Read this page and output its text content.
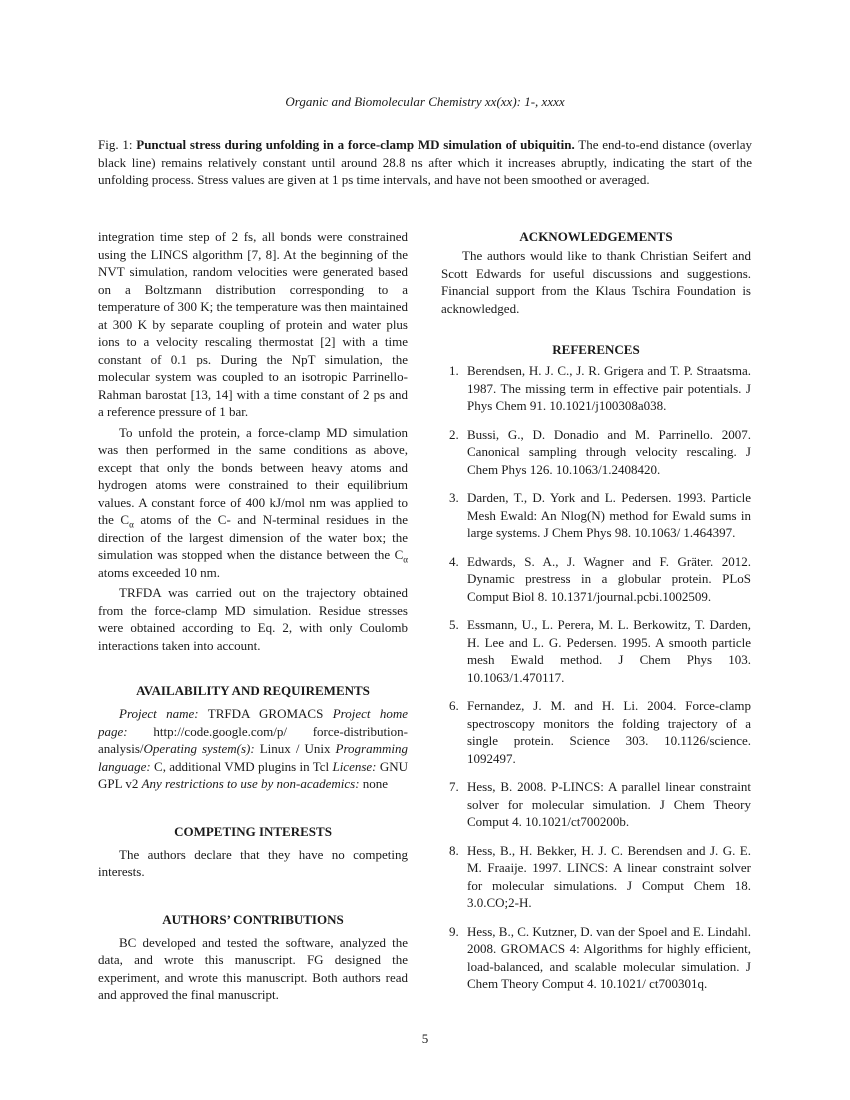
Organic and Biomolecular Chemistry xx(xx): 1-, xxxx
Fig. 1: Punctual stress during unfolding in a force-clamp MD simulation of ubiquitin. The end-to-end distance (overlay black line) remains relatively constant until around 28.8 ns after which it increases abruptly, indicating the start of the unfolding process. Stress values are given at 1 ps time intervals, and have not been smoothed or averaged.

integration time step of 2 fs, all bonds were constrained using the LINCS algorithm [7, 8]. At the beginning of the NVT simulation, random velocities were generated based on a Boltzmann distribution corresponding to a temperature of 300 K; the temperature was then maintained at 300 K by separate coupling of protein and water plus ions to a velocity rescaling thermostat [2] with a time constant of 0.1 ps. During the NpT simulation, the molecular system was coupled to an isotropic Parrinello-Rahman barostat [13, 14] with a time constant of 2 ps and a reference pressure of 1 bar.

To unfold the protein, a force-clamp MD simulation was then performed in the same conditions as above, except that only the bonds between heavy atoms and hydrogen atoms were constrained to their equilibrium values. A constant force of 400 kJ/mol nm was applied to the $C_\alpha$ atoms of the C- and N-terminal residues in the direction of the largest dimension of the water box; the simulation was stopped when the distance between the $C_\alpha$ atoms exceeded 10 nm.

TRFDA was carried out on the trajectory obtained from the force-clamp MD simulation. Residue stresses were obtained according to Eq. 2, with only Coulomb interactions taken into account.

AVAILABILITY AND REQUIREMENTS

Project name: TRFDA GROMACS Project home page: http://code.google.com/p/ force-distribution-analysis/Operating system(s): Linux / Unix Programming language: C, additional VMD plugins in Tcl License: GNU GPL v2 Any restrictions to use by non-academics: none

COMPETING INTERESTS

The authors declare that they have no competing interests.

AUTHORS’ CONTRIBUTIONS

BC developed and tested the software, analyzed the data, and wrote this manuscript. FG designed the experiment, and wrote this manuscript. Both authors read and approved the final manuscript.

ACKNOWLEDGEMENTS

The authors would like to thank Christian Seifert and Scott Edwards for useful discussions and suggestions. Financial support from the Klaus Tschira Foundation is acknowledged.

REFERENCES
1. Berendsen, H. J. C., J. R. Grigera and T. P. Straatsma. 1987. The missing term in effective pair potentials. J Phys Chem 91. 10.1021/j100308a038.
2. Bussi, G., D. Donadio and M. Parrinello. 2007. Canonical sampling through velocity rescaling. J Chem Phys 126. 10.1063/1.2408420.
3. Darden, T., D. York and L. Pedersen. 1993. Particle Mesh Ewald: An Nlog(N) method for Ewald sums in large systems. J Chem Phys 98. 10.1063/ 1.464397.
4. Edwards, S. A., J. Wagner and F. Gräter. 2012. Dynamic prestress in a globular protein. PLoS Comput Biol 8. 10.1371/journal.pcbi.1002509.
5. Essmann, U., L. Perera, M. L. Berkowitz, T. Darden, H. Lee and L. G. Pedersen. 1995. A smooth particle mesh Ewald method. J Chem Phys 103. 10.1063/1.470117.
6. Fernandez, J. M. and H. Li. 2004. Force-clamp spectroscopy monitors the folding trajectory of a single protein. Science 303. 10.1126/science. 1092497.
7. Hess, B. 2008. P-LINCS: A parallel linear constraint solver for molecular simulation. J Chem Theory Comput 4. 10.1021/ct700200b.
8. Hess, B., H. Bekker, H. J. C. Berendsen and J. G. E. M. Fraaije. 1997. LINCS: A linear constraint solver for molecular simulations. J Comput Chem 18. 3.0.CO;2-H.
9. Hess, B., C. Kutzner, D. van der Spoel and E. Lindahl. 2008. GROMACS 4: Algorithms for highly efficient, load-balanced, and scalable molecular simulation. J Chem Theory Comput 4. 10.1021/ ct700301q.
5
